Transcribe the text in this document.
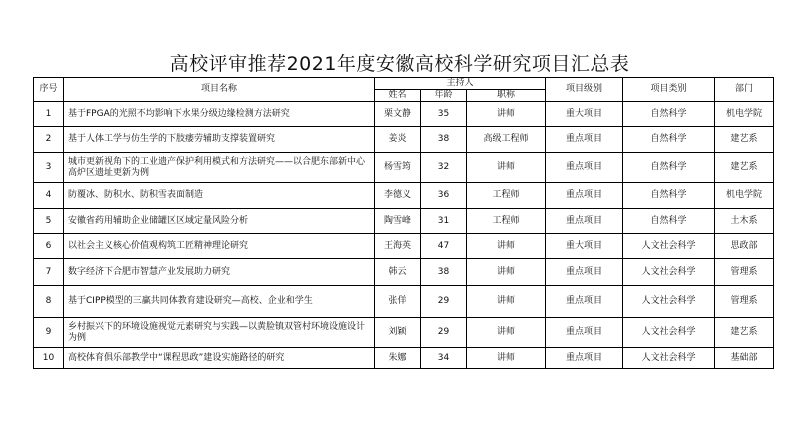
高校评审推荐2021年度安徽高校科学研究项目汇总表
序号	项目名称	主持人			项目级别	项目类别	部门
		姓名	年龄	职称			
1	基于FPGA的光照不均影响下水果分级边缘检测方法研究	栗文静	35	讲师	重大项目	自然科学	机电学院
2	基于人体工学与仿生学的下肢痿劳辅助支撑装置研究	姜炎	38	高级工程师	重点项目	自然科学	建艺系
3	城市更新视角下的工业遗产保护利用模式和方法研究——以合肥东部新中心高炉区遗址更新为例	杨雪筠	32	讲师	重点项目	自然科学	建艺系
4	防覆冰、防积水、防积雪表面制造	李德义	36	工程师	重点项目	自然科学	机电学院
5	安徽省药用辅助企业储罐区区域定量风险分析	陶雪峰	31	工程师	重点项目	自然科学	土木系
6	以社会主义核心价值观构筑工匠精神理论研究	王海英	47	讲师	重大项目	人文社会科学	思政部
7	数字经济下合肥市智慧产业发展助力研究	韩云	38	讲师	重点项目	人文社会科学	管理系
8	基于CIPP模型的三赢共同体教育建设研究—高校、企业和学生	张佯	29	讲师	重点项目	人文社会科学	管理系
9	乡村振兴下的环境设施视觉元素研究与实践—以黄脸镇双管村环境设施设计为例	刘颖	29	讲师	重点项目	人文社会科学	建艺系
10	高校体育俱乐部教学中“课程思政”建设实施路径的研究	朱娜	34	讲师	重点项目	人文社会科学	基础部
